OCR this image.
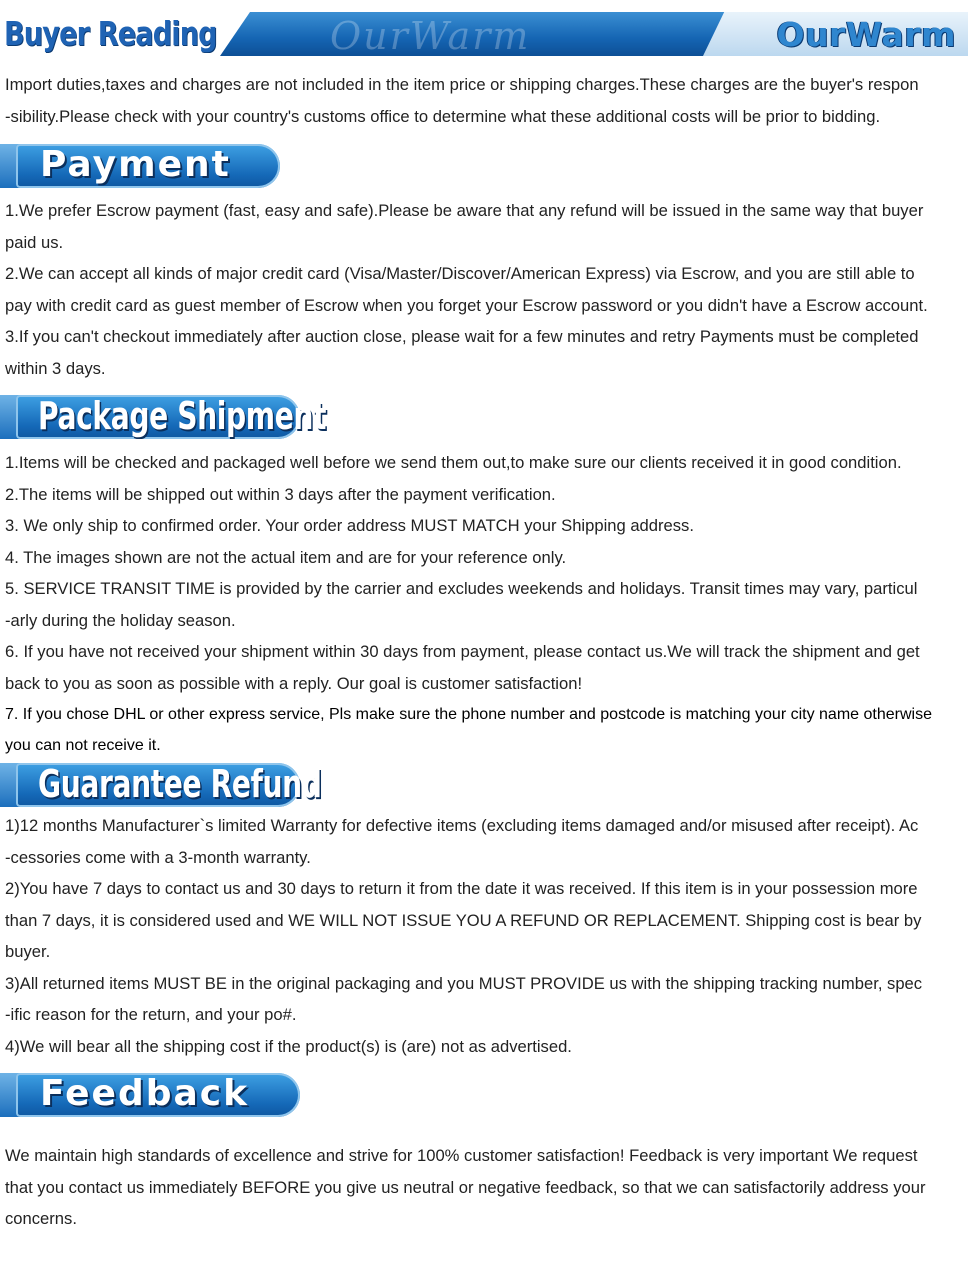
Buyer Reading	OurWarm	OurWarm

Import duties,taxes and charges are not included in the item price or shipping charges.These charges are the buyer's respon

-sibility.Please check with your country's customs office to determine what these additional costs will be prior to bidding.

Payment

1.We prefer Escrow payment (fast, easy and safe).Please be aware that any refund will be issued in the same way that buyer

paid us.

2.We can accept all kinds of major credit card (Visa/Master/Discover/American Express) via Escrow, and you are still able to

pay with credit card as guest member of Escrow when you forget your Escrow password or you didn't have a Escrow account.

3.If you can't checkout immediately after auction close, please wait for a few minutes and retry Payments must be completed

within 3 days.

Package Shipment

1.Items will be checked and packaged well before we send them out,to make sure our clients received it in good condition.

2.The items will be shipped out within 3 days after the payment verification.

3. We only ship to confirmed order. Your order address MUST MATCH your Shipping address.

4. The images shown are not the actual item and are for your reference only.

5. SERVICE TRANSIT TIME is provided by the carrier and excludes weekends and holidays. Transit times may vary, particul

-arly during the holiday season.

6. If you have not received your shipment within 30 days from payment, please contact us.We will track the shipment and get

back to you as soon as possible with a reply. Our goal is customer satisfaction!

7. If you chose DHL or other express service, Pls make sure the phone number and postcode is matching your city name otherwise

you can not receive it.

Guarantee Refund

1)12 months Manufacturer`s limited Warranty for defective items (excluding items damaged and/or misused after receipt). Ac

-cessories come with a 3-month warranty.

2)You have 7 days to contact us and 30 days to return it from the date it was received. If this item is in your possession more

than 7 days, it is considered used and WE WILL NOT ISSUE YOU A REFUND OR REPLACEMENT. Shipping cost is bear by

buyer.

3)All returned items MUST BE in the original packaging and you MUST PROVIDE us with the shipping tracking number, spec

-ific reason for the return, and your po#.

4)We will bear all the shipping cost if the product(s) is (are) not as advertised.

Feedback

We maintain high standards of excellence and strive for 100% customer satisfaction! Feedback is very important We request

that you contact us immediately BEFORE you give us neutral or negative feedback, so that we can satisfactorily address your

concerns.
